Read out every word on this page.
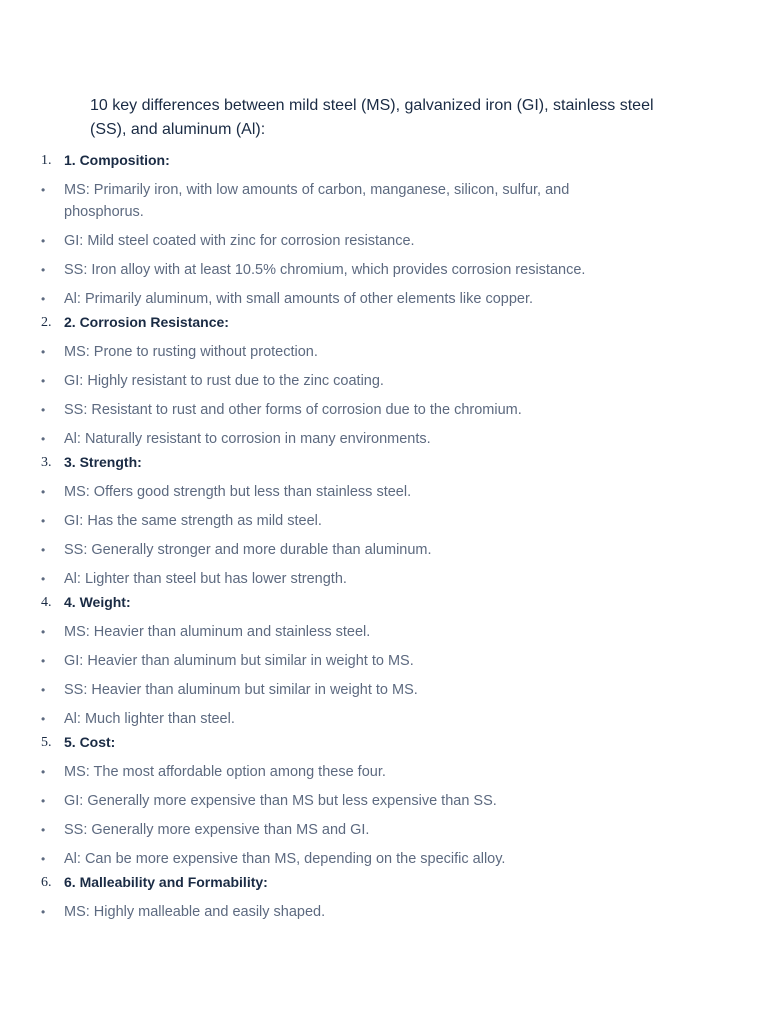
10 key differences between mild steel (MS), galvanized iron (GI), stainless steel (SS), and aluminum (Al):
1. 1. Composition:
• MS: Primarily iron, with low amounts of carbon, manganese, silicon, sulfur, and phosphorus.
• GI: Mild steel coated with zinc for corrosion resistance.
• SS: Iron alloy with at least 10.5% chromium, which provides corrosion resistance.
• Al: Primarily aluminum, with small amounts of other elements like copper.
2. 2. Corrosion Resistance:
• MS: Prone to rusting without protection.
• GI: Highly resistant to rust due to the zinc coating.
• SS: Resistant to rust and other forms of corrosion due to the chromium.
• Al: Naturally resistant to corrosion in many environments.
3. 3. Strength:
• MS: Offers good strength but less than stainless steel.
• GI: Has the same strength as mild steel.
• SS: Generally stronger and more durable than aluminum.
• Al: Lighter than steel but has lower strength.
4. 4. Weight:
• MS: Heavier than aluminum and stainless steel.
• GI: Heavier than aluminum but similar in weight to MS.
• SS: Heavier than aluminum but similar in weight to MS.
• Al: Much lighter than steel.
5. 5. Cost:
• MS: The most affordable option among these four.
• GI: Generally more expensive than MS but less expensive than SS.
• SS: Generally more expensive than MS and GI.
• Al: Can be more expensive than MS, depending on the specific alloy.
6. 6. Malleability and Formability:
• MS: Highly malleable and easily shaped.
